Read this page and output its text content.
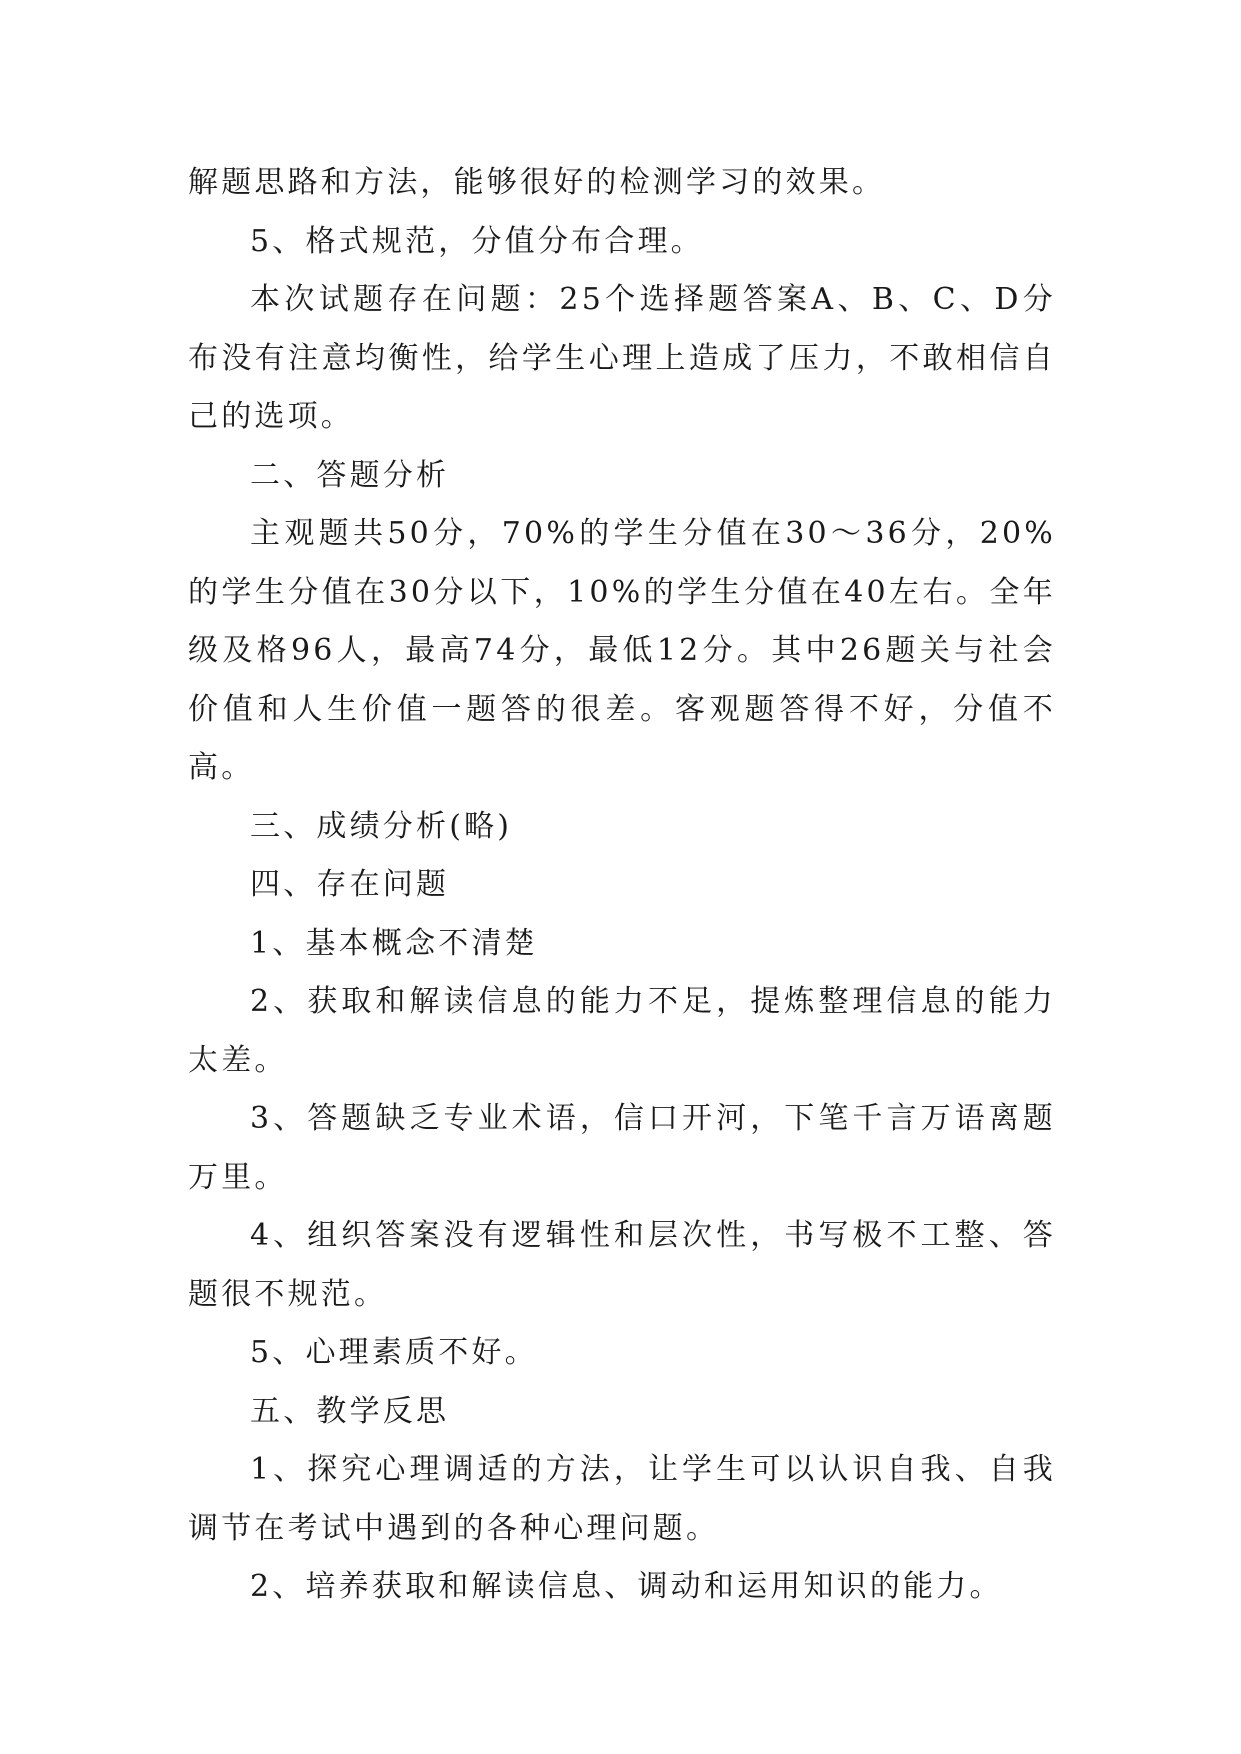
解题思路和方法，能够很好的检测学习的效果。

5、格式规范，分值分布合理。

本次试题存在问题：25个选择题答案A、B、C、D分布没有注意均衡性，给学生心理上造成了压力，不敢相信自己的选项。

二、答题分析

主观题共50分，70%的学生分值在30～36分，20%的学生分值在30分以下，10%的学生分值在40左右。全年级及格96人，最高74分，最低12分。其中26题关与社会价值和人生价值一题答的很差。客观题答得不好，分值不高。

三、成绩分析(略)

四、存在问题

1、基本概念不清楚

2、获取和解读信息的能力不足，提炼整理信息的能力太差。

3、答题缺乏专业术语，信口开河，下笔千言万语离题万里。

4、组织答案没有逻辑性和层次性，书写极不工整、答题很不规范。

5、心理素质不好。

五、教学反思

1、探究心理调适的方法，让学生可以认识自我、自我调节在考试中遇到的各种心理问题。

2、培养获取和解读信息、调动和运用知识的能力。
